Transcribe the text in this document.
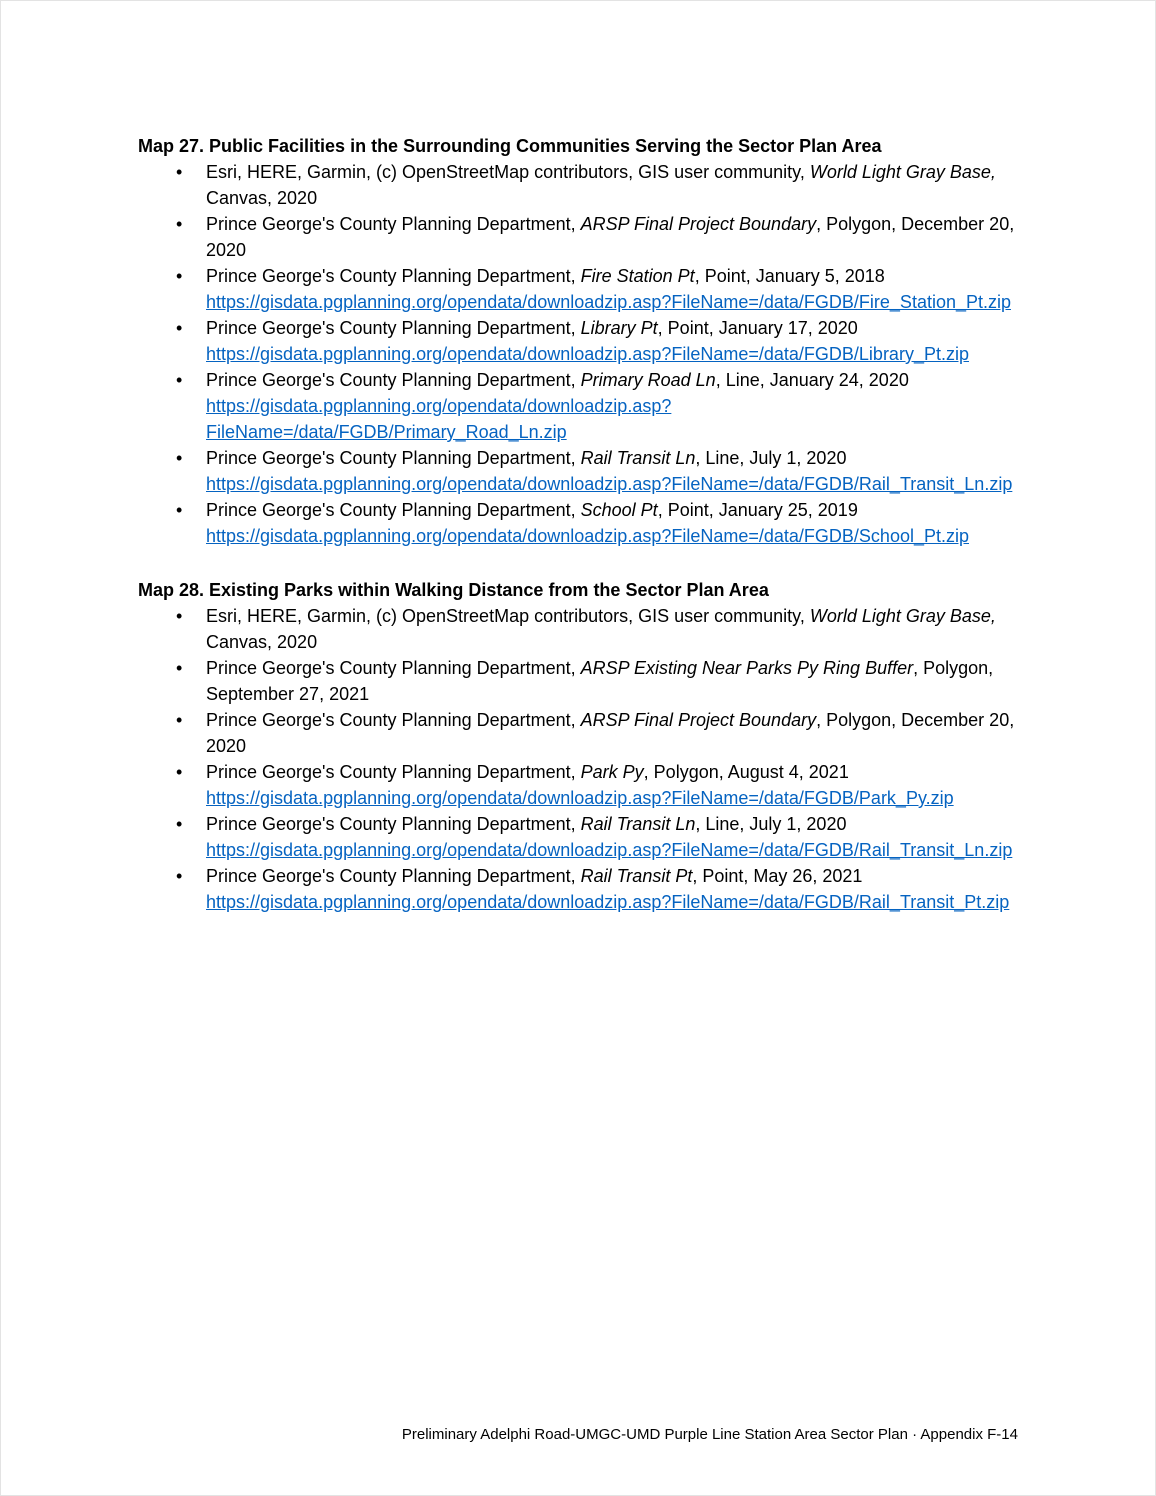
Map 27. Public Facilities in the Surrounding Communities Serving the Sector Plan Area
• Esri, HERE, Garmin, (c) OpenStreetMap contributors, GIS user community, World Light Gray Base, Canvas, 2020
• Prince George's County Planning Department, ARSP Final Project Boundary, Polygon, December 20, 2020
• Prince George's County Planning Department, Fire Station Pt, Point, January 5, 2018 https://gisdata.pgplanning.org/opendata/downloadzip.asp?FileName=/data/FGDB/Fire_Station_Pt.zip
• Prince George's County Planning Department, Library Pt, Point, January 17, 2020 https://gisdata.pgplanning.org/opendata/downloadzip.asp?FileName=/data/FGDB/Library_Pt.zip
• Prince George's County Planning Department, Primary Road Ln, Line, January 24, 2020 https://gisdata.pgplanning.org/opendata/downloadzip.asp?FileName=/data/FGDB/Primary_Road_Ln.zip
• Prince George's County Planning Department, Rail Transit Ln, Line, July 1, 2020 https://gisdata.pgplanning.org/opendata/downloadzip.asp?FileName=/data/FGDB/Rail_Transit_Ln.zip
• Prince George's County Planning Department, School Pt, Point, January 25, 2019 https://gisdata.pgplanning.org/opendata/downloadzip.asp?FileName=/data/FGDB/School_Pt.zip
Map 28. Existing Parks within Walking Distance from the Sector Plan Area
• Esri, HERE, Garmin, (c) OpenStreetMap contributors, GIS user community, World Light Gray Base, Canvas, 2020
• Prince George's County Planning Department, ARSP Existing Near Parks Py Ring Buffer, Polygon, September 27, 2021
• Prince George's County Planning Department, ARSP Final Project Boundary, Polygon, December 20, 2020
• Prince George's County Planning Department, Park Py, Polygon, August 4, 2021 https://gisdata.pgplanning.org/opendata/downloadzip.asp?FileName=/data/FGDB/Park_Py.zip
• Prince George's County Planning Department, Rail Transit Ln, Line, July 1, 2020 https://gisdata.pgplanning.org/opendata/downloadzip.asp?FileName=/data/FGDB/Rail_Transit_Ln.zip
• Prince George's County Planning Department, Rail Transit Pt, Point, May 26, 2021 https://gisdata.pgplanning.org/opendata/downloadzip.asp?FileName=/data/FGDB/Rail_Transit_Pt.zip
Preliminary Adelphi Road-UMGC-UMD Purple Line Station Area Sector Plan · Appendix F-14
